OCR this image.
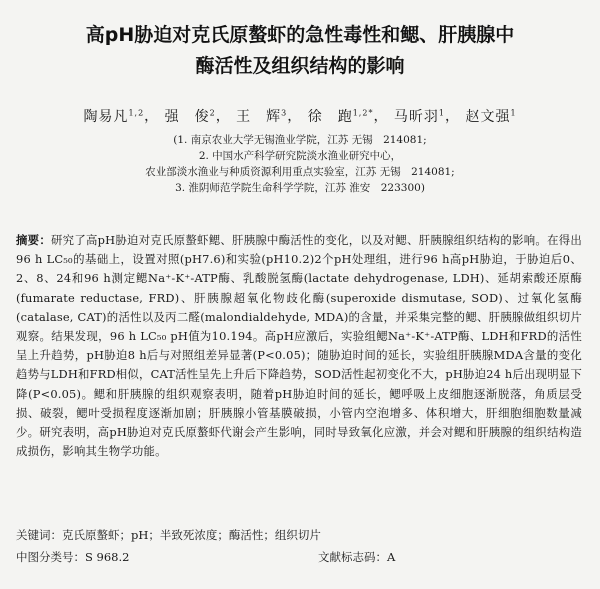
高pH胁迫对克氏原螯虾的急性毒性和鳃、肝胰腺中
酶活性及组织结构的影响
陶易凡$^{1,2}$， 强　俊$^2$， 王　辉$^3$， 徐　跑$^{1,2*}$， 马昕羽$^1$， 赵文强$^1$
(1. 南京农业大学无锡渔业学院，江苏 无锡　214081;
2. 中国水产科学研究院淡水渔业研究中心，
农业部淡水渔业与种质资源利用重点实验室，江苏 无锡　214081;
3. 淮阴师范学院生命科学学院，江苏 淮安　223300)
摘要：研究了高pH胁迫对克氏原螯虾鳃、肝胰腺中酶活性的变化，以及对鳃、肝胰腺组织结构的影响。在得出96 h LC₅₀的基础上，设置对照(pH7.6)和实验(pH10.2)2个pH处理组，进行96 h高pH胁迫，于胁迫后0、2、8、24和96 h测定鳃Na⁺-K⁺-ATP酶、乳酸脱氢酶(lactate dehydrogenase, LDH)、延胡索酸还原酶(fumarate reductase, FRD)、肝胰腺超氧化物歧化酶(superoxide dismutase, SOD)、过氧化氢酶(catalase, CAT)的活性以及丙二醛(malondialdehyde, MDA)的含量，并采集完整的鳃、肝胰腺做组织切片观察。结果发现，96 h LC₅₀ pH值为10.194。高pH应激后，实验组鳃Na⁺-K⁺-ATP酶、LDH和FRD的活性呈上升趋势，pH胁迫8 h后与对照组差异显著(P<0.05)；随胁迫时间的延长，实验组肝胰腺MDA含量的变化趋势与LDH和FRD相似，CAT活性呈先上升后下降趋势，SOD活性起初变化不大，pH胁迫24 h后出现明显下降(P<0.05)。鳃和肝胰腺的组织观察表明，随着pH胁迫时间的延长，鳃呼吸上皮细胞逐渐脱落，角质层受损、破裂，鳃叶受损程度逐渐加剧；肝胰腺小管基膜破损，小管内空泡增多、体积增大，肝细胞细胞数量减少。研究表明，高pH胁迫对克氏原螯虾代谢会产生影响，同时导致氧化应激，并会对鳃和肝胰腺的组织结构造成损伤，影响其生物学功能。
关键词：克氏原螯虾；pH；半致死浓度；酶活性；组织切片
中图分类号：S 968.2	文献标志码：A
